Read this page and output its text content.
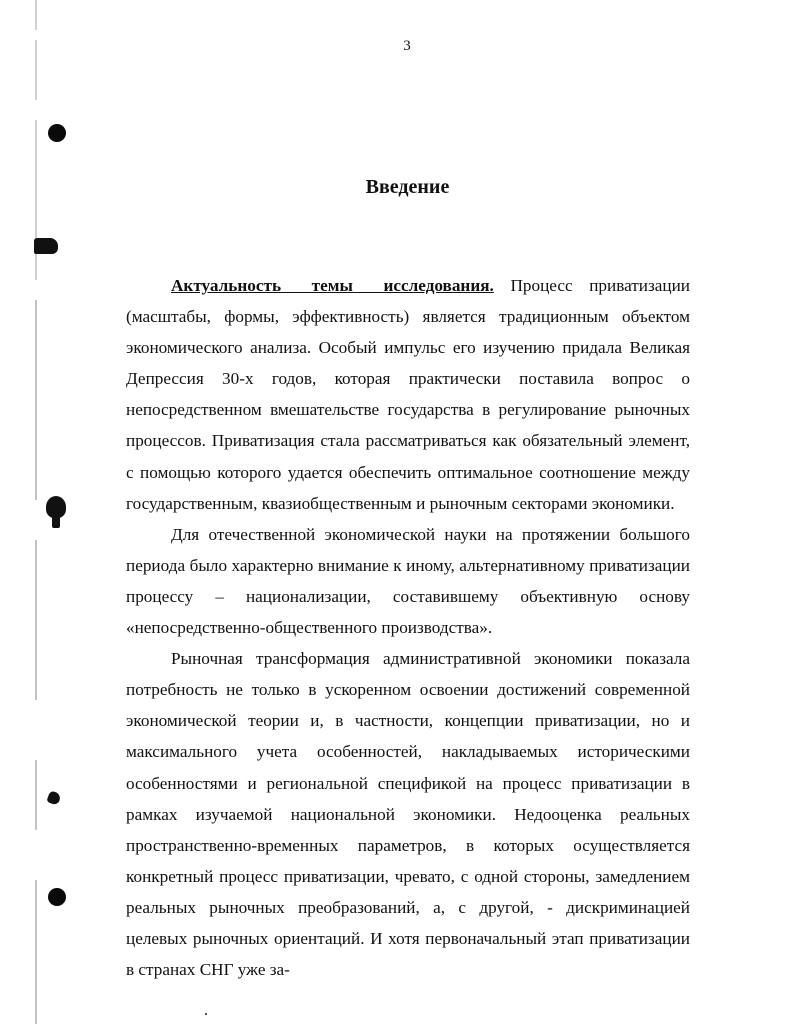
3
Введение

Актуальность темы исследования. Процесс приватизации (масштабы, формы, эффективность) является традиционным объектом экономического анализа. Особый импульс его изучению придала Великая Депрессия 30-х годов, которая практически поставила вопрос о непосредственном вмешательстве государства в регулирование рыночных процессов. Приватизация стала рассматриваться как обязательный элемент, с помощью которого удается обеспечить оптимальное соотношение между государственным, квазиобщественным и рыночным секторами экономики.

Для отечественной экономической науки на протяжении большого периода было характерно внимание к иному, альтернативному приватизации процессу – национализации, составившему объективную основу «непосредственно-общественного производства».

Рыночная трансформация административной экономики показала потребность не только в ускоренном освоении достижений современной экономической теории и, в частности, концепции приватизации, но и максимального учета особенностей, накладываемых историческими особенностями и региональной спецификой на процесс приватизации в рамках изучаемой национальной экономики. Недооценка реальных пространственно-временных параметров, в которых осуществляется конкретный процесс приватизации, чревато, с одной стороны, замедлением реальных рыночных преобразований, а, с другой, - дискриминацией целевых рыночных ориентаций. И хотя первоначальный этап приватизации в странах СНГ уже за-
